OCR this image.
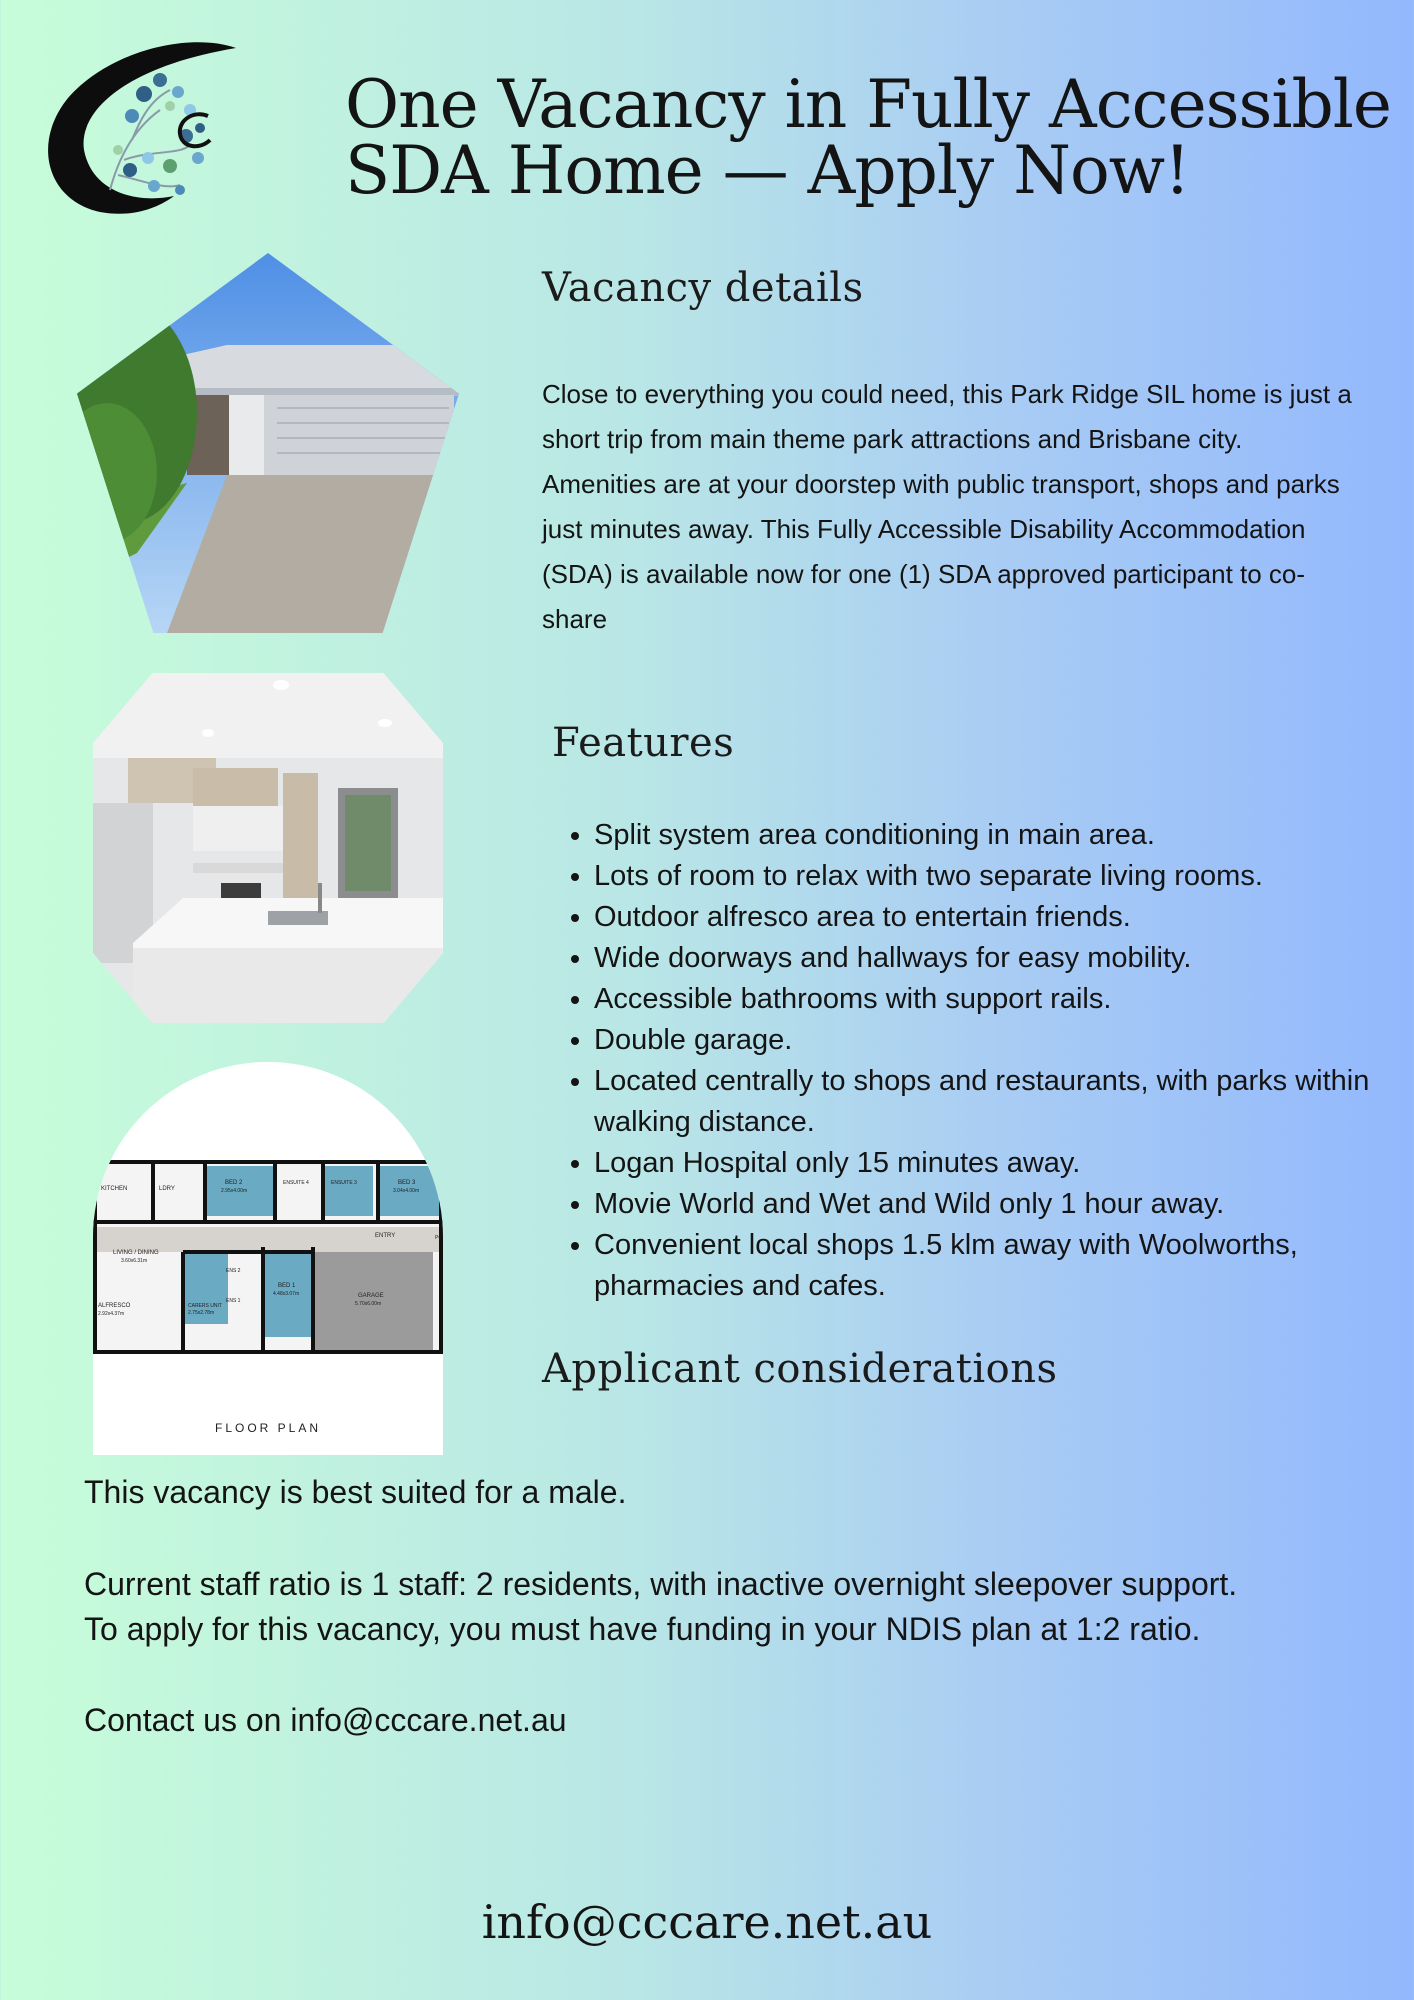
One Vacancy in Fully Accessible
SDA Home — Apply Now!
KITCHEN	LDRY
BED 2
2.95x4.00m
ENSUITE 4	ENSUITE 3	BED 3
3.04x4.00m
LIVING / DINING
3.60x6.31m
ENTRY	PO
ENS 2
ENS 1
BED 1
4.48x3.07m	GARAGE
5.70x6.00m
ALFRESCO
2.92x4.37m
CARERS UNIT
2.75x2.78m
FLOOR PLAN
Vacancy details

Close to everything you could need, this Park Ridge SIL home is just a short trip from main theme park attractions and Brisbane city. Amenities are at your doorstep with public transport, shops and parks just minutes away. This Fully Accessible Disability Accommodation (SDA) is available now for one (1) SDA approved participant to co-share

Features
• Split system area conditioning in main area.
• Lots of room to relax with two separate living rooms.
• Outdoor alfresco area to entertain friends.
• Wide doorways and hallways for easy mobility.
• Accessible bathrooms with support rails.
• Double garage.
• Located centrally to shops and restaurants, with parks within walking distance.
• Logan Hospital only 15 minutes away.
• Movie World and Wet and Wild only 1 hour away.
• Convenient local shops 1.5 klm away with Woolworths, pharmacies and cafes.
Applicant considerations

This vacancy is best suited for a male.

Current staff ratio is 1 staff: 2 residents, with inactive overnight sleepover support.

To apply for this vacancy, you must have funding in your NDIS plan at 1:2 ratio.

Contact us on info@cccare.net.au

info@cccare.net.au
